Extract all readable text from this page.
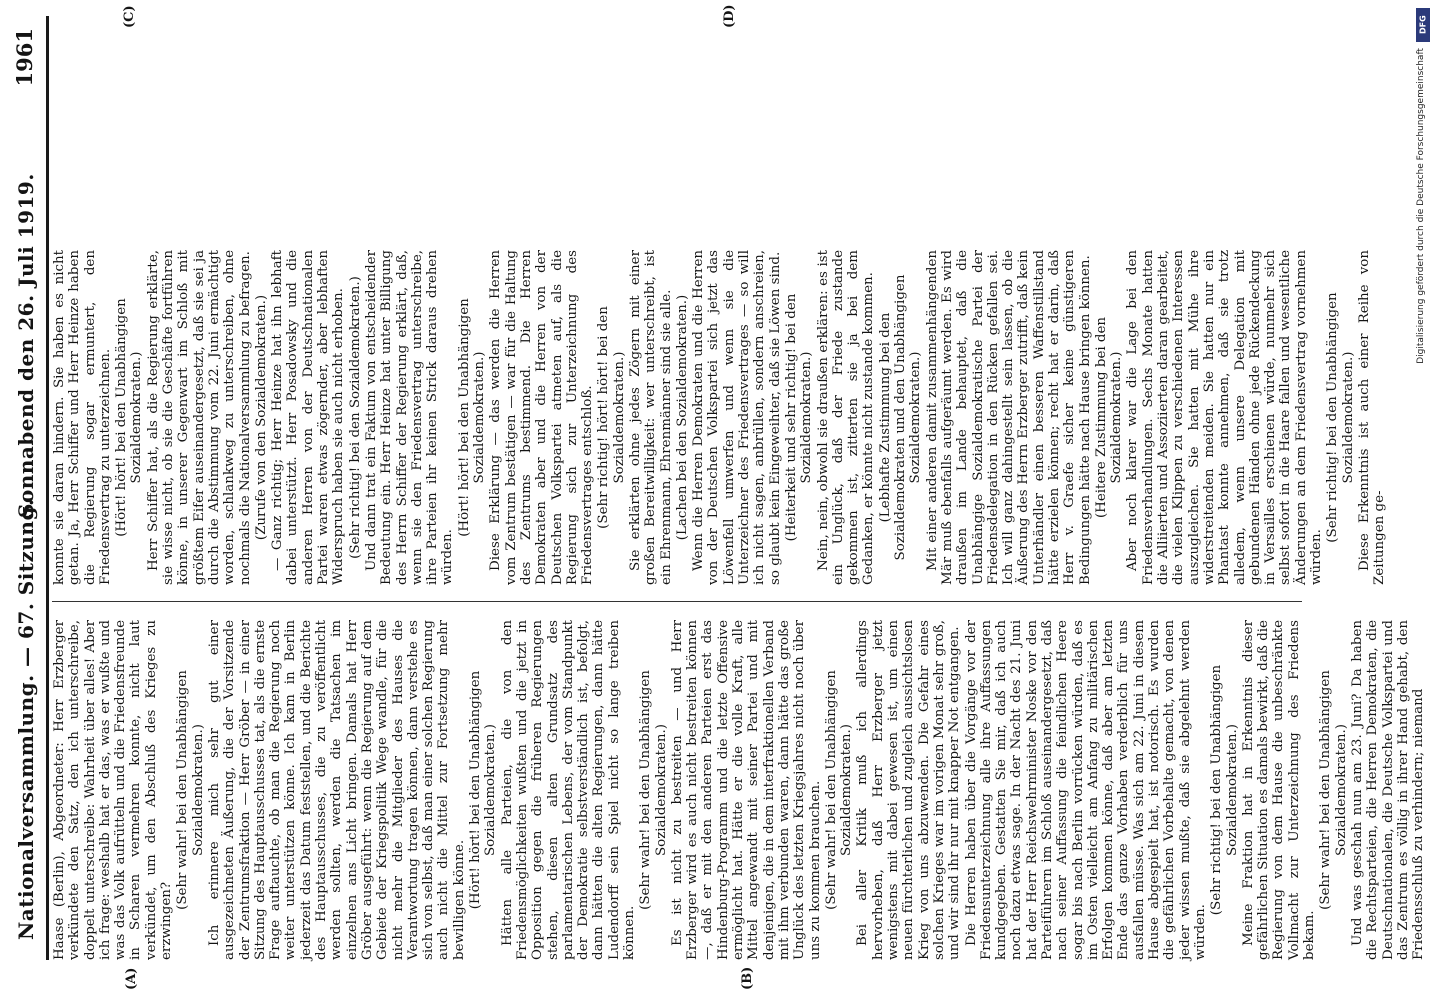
Nationalversammlung. — 67. Sitzung.
Sonnabend den 26. Juli 1919.
1961
(A)	(B)
(C)	(D)

Haase (Berlin), Abgeordneter: Herr Erzberger verkündete den Satz, den ich unterschreibe, doppelt unterschreibe: Wahrheit über alles! Aber ich frage: weshalb hat er das, was er wußte und was das Volk aufrütteln und die Friedensfreunde in Scharen vermehren konnte, nicht laut verkündet, um den Abschluß des Krieges zu erzwingen?

(Sehr wahr! bei den Unabhängigen Sozialdemokraten.) Ich erinnere mich sehr gut einer ausgezeichneten Äußerung, die der Vorsitzende der Zentrumsfraktion — Herr Gröber — in einer Sitzung des Hauptausschusses tat, als die ernste Frage auftauchte, ob man die Regierung noch weiter unterstützen könne. Ich kam in Berlin jederzeit das Datum feststellen, und die Berichte des Hauptausschusses, die zu veröffentlicht werden sollten, werden die Tatsachen im einzelnen ans Licht bringen. Damals hat Herr Gröber ausgeführt: wenn die Regierung auf dem Gebiete der Kriegspolitik Wege wandle, für die nicht mehr die Mitglieder des Hauses die Verantwortung tragen können, dann verstehe es sich von selbst, daß man einer solchen Regierung auch nicht die Mittel zur Fortsetzung mehr bewilligen könne. (Hört! hört! bei den Unabhängigen Sozialdemokraten.) Hätten alle Parteien, die von den Friedensmöglichkeiten wußten und die jetzt in Opposition gegen die früheren Regierungen stehen, diesen alten Grundsatz des parlamentarischen Lebens, der vom Standpunkt der Demokratie selbstverständlich ist, befolgt, dann hätten die alten Regierungen, dann hätte Ludendorff sein Spiel nicht so lange treiben können.

(Sehr wahr! bei den Unabhängigen Sozialdemokraten.) Es ist nicht zu bestreiten — und Herr Erzberger wird es auch nicht bestreiten können —, daß er mit den anderen Parteien erst das Hindenburg-Programm und die letzte Offensive ermöglicht hat. Hätte er die volle Kraft, alle Mittel angewandt mit seiner Partei und mit denjenigen, die in dem interfraktionellen Verband mit ihm verbunden waren, dann hätte das große Unglück des letzten Kriegsjahres nicht noch über uns zu kommen brauchen. (Sehr wahr! bei den Unabhängigen Sozialdemokraten.) Bei aller Kritik muß ich allerdings hervorheben, daß Herr Erzberger jetzt wenigstens mit dabei gewesen ist, um einen neuen fürchterlichen und zugleich aussichtslosen Krieg von uns abzuwenden. Die Gefahr eines solchen Krieges war im vorigen Monat sehr groß, und wir sind ihr nur mit knapper Not entgangen. Die Herren haben über die Vorgänge vor der Friedensunterzeichnung alle ihre Auffassungen kundgegeben. Gestatten Sie mir, daß ich auch noch dazu etwas sage. In der Nacht des 21. Juni hat der Herr Reichswehrminister Noske vor den Parteiführern im Schloß auseinandergesetzt, daß nach seiner Auffassung die feindlichen Heere sogar bis nach Berlin vorrücken würden, daß es im Osten vielleicht am Anfang zu militärischen Erfolgen kommen könne, daß aber am letzten Ende das ganze Vorhaben verderblich für uns ausfallen müsse. Was sich am 22. Juni in diesem Hause abgespielt hat, ist notorisch. Es wurden die gefährlichen Vorbehalte gemacht, von denen jeder wissen mußte, daß sie abgelehnt werden würden.

(Sehr richtig! bei den Unabhängigen Sozialdemokraten.) Meine Fraktion hat in Erkenntnis dieser gefährlichen Situation es damals bewirkt, daß die Regierung von dem Hause die unbeschränkte Vollmacht zur Unterzeichnung des Friedens bekam.

(Sehr wahr! bei den Unabhängigen Sozialdemokraten.) Und was geschah nun am 23. Juni? Da haben die Rechtsparteien, die Herren Demokraten, die Deutschnationalen, die Deutsche Volkspartei und das Zentrum es völlig in ihrer Hand gehabt, den Friedensschluß zu verhindern; niemand

konnte sie daran hindern. Sie haben es nicht getan. Ja, Herr Schiffer und Herr Heinze haben die Regierung sogar ermuntert, den Friedensvertrag zu unterzeichnen. (Hört! hört! bei den Unabhängigen Sozialdemokraten.) Herr Schiffer hat, als die Regierung erklärte, sie wisse nicht, ob sie die Geschäfte fortführen könne, in unserer Gegenwart im Schloß mit größtem Eifer auseinandergesetzt, daß sie sei ja durch die Abstimmung vom 22. Juni ermächtigt worden, schlankweg zu unterschreiben, ohne nochmals die Nationalversammlung zu befragen. (Zurufe von den Sozialdemokraten.) — Ganz richtig; Herr Heinze hat ihn lebhaft dabei unterstützt. Herr Posadowsky und die anderen Herren von der Deutschnationalen Partei waren etwas zögernder, aber lebhaften Widerspruch haben sie auch nicht erhoben. (Sehr richtig! bei den Sozialdemokraten.) Und dann trat ein Faktum von entscheidender Bedeutung ein. Herr Heinze hat unter Billigung des Herrn Schiffer der Regierung erklärt, daß, wenn sie den Friedensvertrag unterschreibe, ihre Parteien ihr keinen Strick daraus drehen würden.

(Hört! hört! bei den Unabhängigen Sozialdemokraten.) Diese Erklärung — das werden die Herren vom Zentrum bestätigen — war für die Haltung des Zentrums bestimmend. Die Herren Demokraten aber und die Herren von der Deutschen Volkspartei atmeten auf, als die Regierung sich zur Unterzeichnung des Friedensvertrages entschloß. (Sehr richtig! hört! hört! bei den Sozialdemokraten.) Sie erklärten ohne jedes Zögern mit einer großen Bereitwilligkeit: wer unterschreibt, ist ein Ehrenmann, Ehrenmänner sind sie alle. (Lachen bei den Sozialdemokraten.) Wenn die Herren Demokraten und die Herren von der Deutschen Volkspartei sich jetzt das Löwenfell umwerfen und wenn sie die Unterzeichner des Friedensvertrages — so will ich nicht sagen, anbrüllen, sondern anschreien, so glaubt kein Eingeweihter, daß sie Löwen sind. (Heiterkeit und sehr richtig! bei den Sozialdemokraten.) Nein, nein, obwohl sie draußen erklären: es ist ein Unglück, daß der Friede zustande gekommen ist, zitterten sie ja bei dem Gedanken, er könnte nicht zustande kommen. (Lebhafte Zustimmung bei den Sozialdemokraten und den Unabhängigen Sozialdemokraten.) Mit einer anderen damit zusammenhängenden Mär muß ebenfalls aufgeräumt werden. Es wird draußen im Lande behauptet, daß die Unabhängige Sozialdemokratische Partei der Friedensdelegation in den Rücken gefallen sei. Ich will ganz dahingestellt sein lassen, ob die Äußerung des Herrn Erzberger zutrifft, daß kein Unterhändler einen besseren Waffenstillstand hätte erzielen können; recht hat er darin, daß Herr v. Graefe sicher keine günstigeren Bedingungen hätte nach Hause bringen können. (Heitere Zustimmung bei den Sozialdemokraten.) Aber noch klarer war die Lage bei den Friedensverhandlungen. Sechs Monate hatten die Alliierten und Assoziierten daran gearbeitet, die vielen Klippen zu verschiedenen Interessen auszugleichen. Sie hatten mit Mühe ihre widerstreitenden meiden. Sie hatten nur ein Phantast konnte annehmen, daß sie trotz alledem, wenn unsere Delegation mit gebundenen Händen ohne jede Rückendeckung in Versailles erschienen würde, nunmehr sich selbst sofort in die Haare fallen und wesentliche Änderungen an dem Friedensvertrag vornehmen würden.

(Sehr richtig! bei den Unabhängigen Sozialdemokraten.) Diese Erkenntnis ist auch einer Reihe von Zeitungen ge-

DFG
Digitalisierung gefördert durch die Deutsche Forschungsgemeinschaft
